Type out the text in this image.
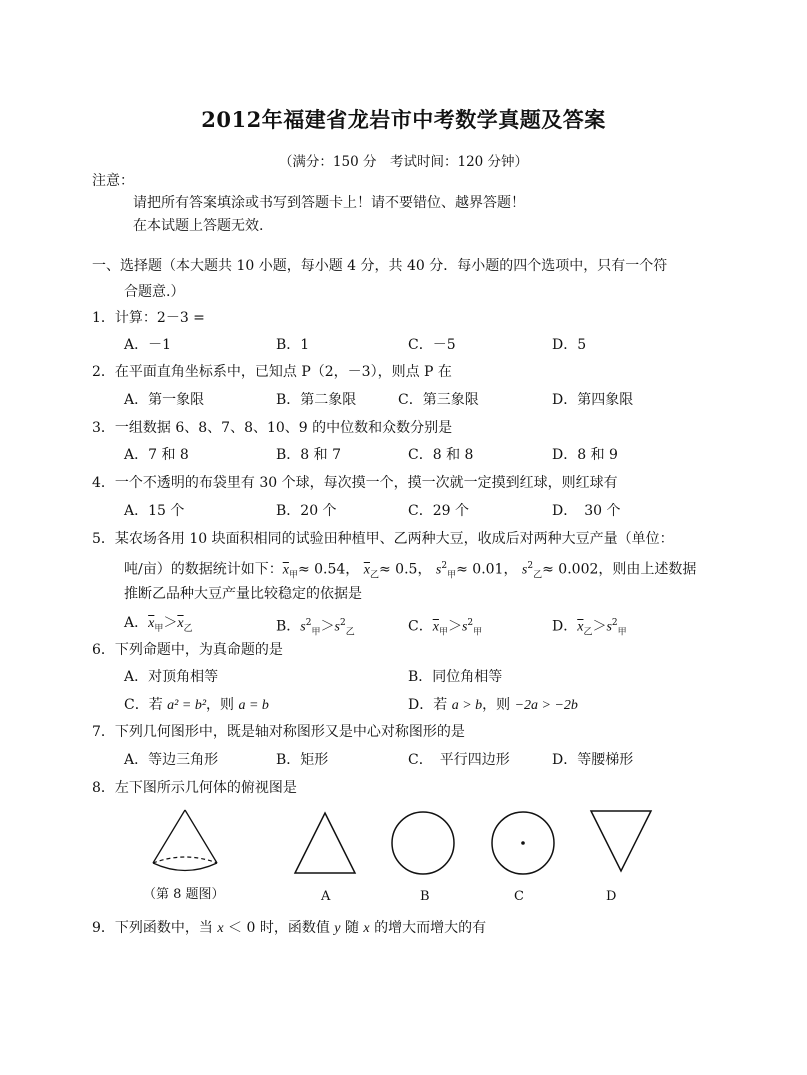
2012年福建省龙岩市中考数学真题及答案
（满分：150 分　考试时间：120 分钟）
注意：
请把所有答案填涂或书写到答题卡上！请不要错位、越界答题！
在本试题上答题无效.
一、选择题（本大题共 10 小题，每小题 4 分，共 40 分．每小题的四个选项中，只有一个符
合题意.）
1．计算：2－3 =
A．－1	B．1	C．－5	D．5
2．在平面直角坐标系中，已知点 P（2，－3），则点 P 在
A．第一象限	B．第二象限	C．第三象限	D．第四象限
3．一组数据 6、8、7、8、10、9 的中位数和众数分别是
A．7 和 8	B．8 和 7	C．8 和 8	D．8 和 9
4．一个不透明的布袋里有 30 个球，每次摸一个，摸一次就一定摸到红球，则红球有
A．15 个	B．20 个	C．29 个	D．　30 个
5．某农场各用 10 块面积相同的试验田种植甲、乙两种大豆，收成后对两种大豆产量（单位：
吨/亩）的数据统计如下：$\overline{x}_甲\approx 0.54$， $\overline{x}_乙\approx 0.5$， $s^2_甲\approx 0.01$， $s^2_乙\approx 0.002$，则由上述数据
推断乙品种大豆产量比较稳定的依据是
A．$\overline{x}_甲>\overline{x}_乙$	B．$s^2_甲>s^2_乙$	C．$\overline{x}_甲>s^2_甲$	D．$\overline{x}_乙>s^2_甲$
6．下列命题中，为真命题的是
A．对顶角相等	B．同位角相等
C．若 a² = b²，则 a = b	D．若 a > b，则 −2a > −2b
7．下列几何图形中，既是轴对称图形又是中心对称图形的是
A．等边三角形	B．矩形	C．　平行四边形	D．等腰梯形
8．左下图所示几何体的俯视图是
（第 8 题图）	A	B	C	D
9．下列函数中，当 x ＜ 0 时，函数值 y 随 x 的增大而增大的有
